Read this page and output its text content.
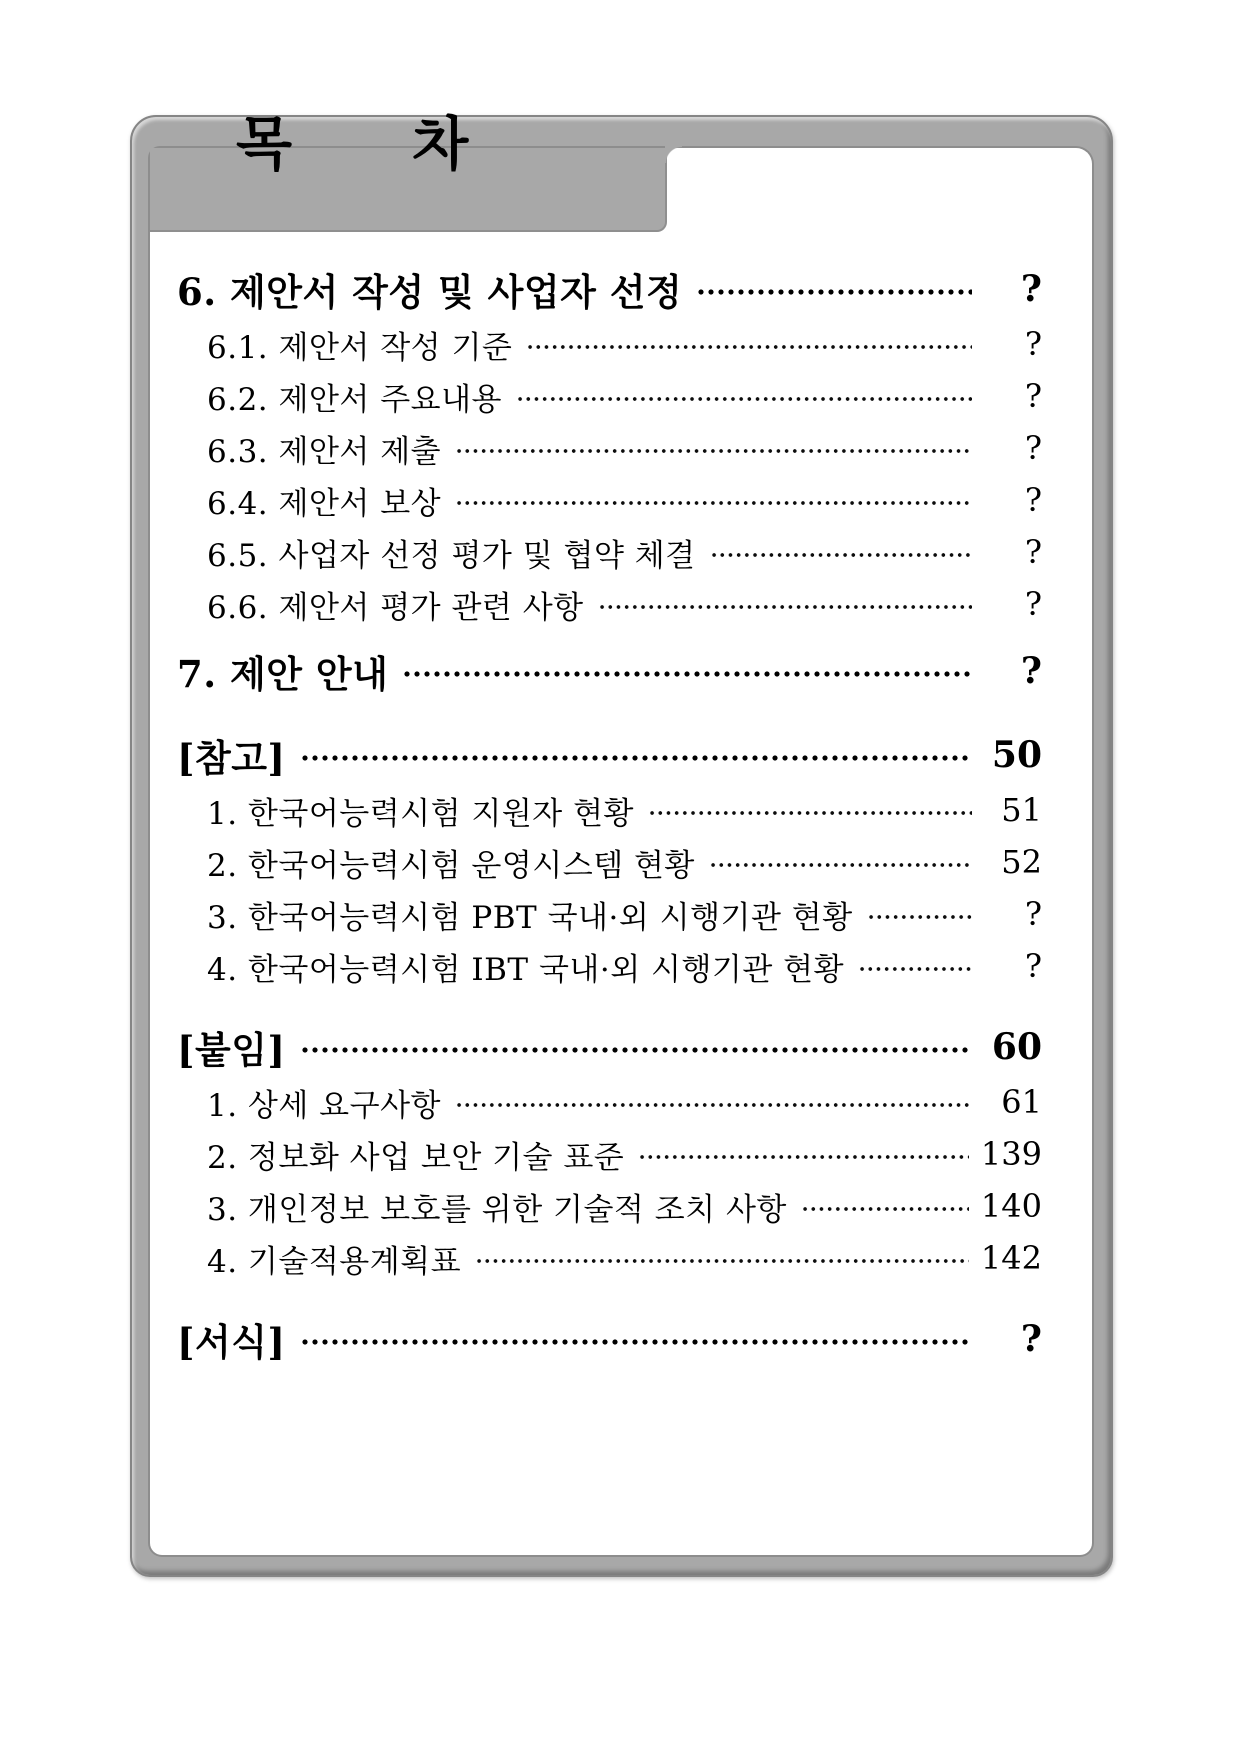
목 차
6. 제안서 작성 및 사업자 선정	?
6.1. 제안서 작성 기준	?
6.2. 제안서 주요내용	?
6.3. 제안서 제출	?
6.4. 제안서 보상	?
6.5. 사업자 선정 평가 및 협약 체결	?
6.6. 제안서 평가 관련 사항	?
7. 제안 안내	?
[참고]	50
1. 한국어능력시험 지원자 현황	51
2. 한국어능력시험 운영시스템 현황	52
3. 한국어능력시험 PBT 국내·외 시행기관 현황	?
4. 한국어능력시험 IBT 국내·외 시행기관 현황	?
[붙임]	60
1. 상세 요구사항	61
2. 정보화 사업 보안 기술 표준	139
3. 개인정보 보호를 위한 기술적 조치 사항	140
4. 기술적용계획표	142
[서식]	?
